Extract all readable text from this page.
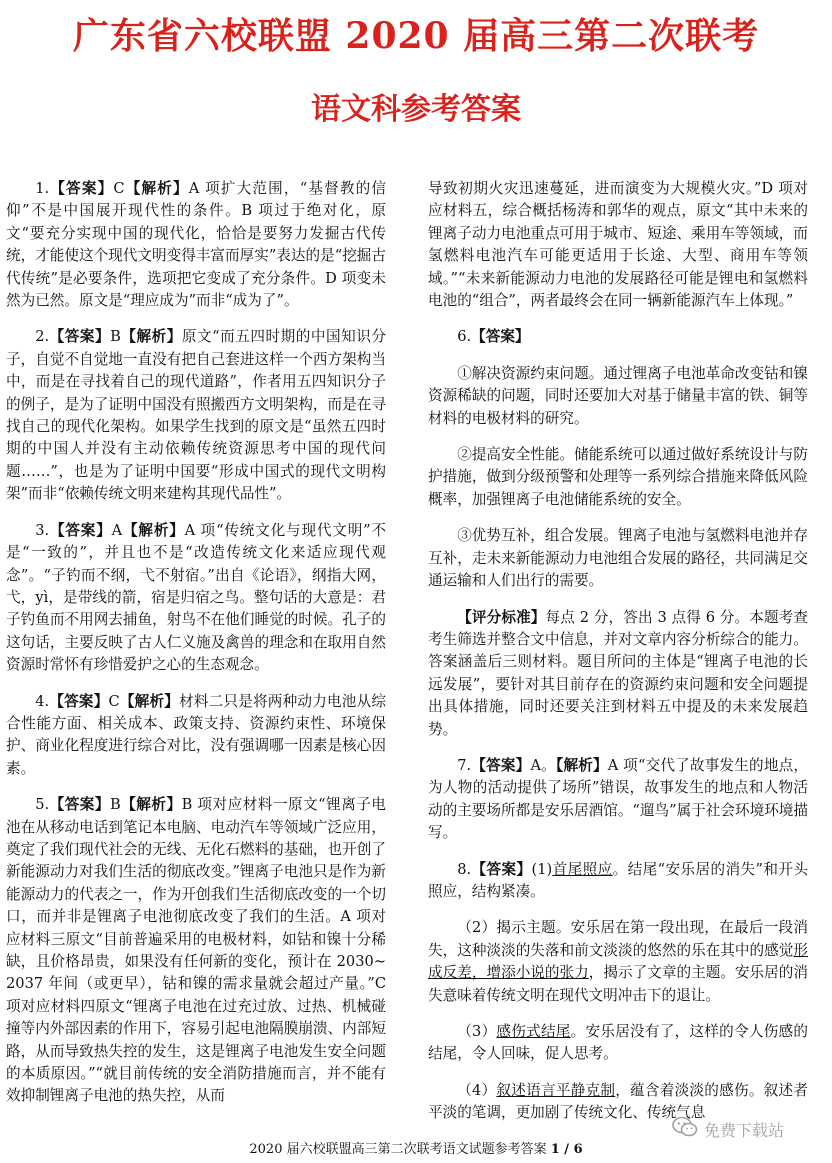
广东省六校联盟 2020 届高三第二次联考
语文科参考答案

1.【答案】C【解析】A 项扩大范围，“基督教的信仰”不是中国展开现代性的条件。B 项过于绝对化，原文“要充分实现中国的现代化，恰恰是要努力发掘古代传统，才能使这个现代文明变得丰富而厚实”表达的是“挖掘古代传统”是必要条件，选项把它变成了充分条件。D 项变未然为已然。原文是“理应成为”而非“成为了”。

2.【答案】B【解析】原文“而五四时期的中国知识分子，自觉不自觉地一直没有把自己套进这样一个西方架构当中，而是在寻找着自己的现代道路”，作者用五四知识分子的例子，是为了证明中国没有照搬西方文明架构，而是在寻找自己的现代化架构。如果学生找到的原文是“虽然五四时期的中国人并没有主动依赖传统资源思考中国的现代问题……”，也是为了证明中国要“形成中国式的现代文明构架”而非“依赖传统文明来建构其现代品性”。

3.【答案】A【解析】A 项“传统文化与现代文明”不是“一致的”，并且也不是“改造传统文化来适应现代观念”。“子钓而不纲，弋不射宿。”出自《论语》，纲指大网，弋，yì，是带线的箭，宿是归宿之鸟。整句话的大意是：君子钓鱼而不用网去捕鱼，射鸟不在他们睡觉的时候。孔子的这句话，主要反映了古人仁义施及禽兽的理念和在取用自然资源时常怀有珍惜爱护之心的生态观念。

4.【答案】C【解析】材料二只是将两种动力电池从综合性能方面、相关成本、政策支持、资源约束性、环境保护、商业化程度进行综合对比，没有强调哪一因素是核心因素。

5.【答案】B【解析】B 项对应材料一原文“锂离子电池在从移动电话到笔记本电脑、电动汽车等领域广泛应用，奠定了我们现代社会的无线、无化石燃料的基础，也开创了新能源动力对我们生活的彻底改变。”锂离子电池只是作为新能源动力的代表之一，作为开创我们生活彻底改变的一个切口，而并非是锂离子电池彻底改变了我们的生活。A 项对应材料三原文“目前普遍采用的电极材料，如钴和镍十分稀缺，且价格昂贵，如果没有任何新的变化，预计在 2030~2037 年间（或更早），钴和镍的需求量就会超过产量。”C 项对应材料四原文“锂离子电池在过充过放、过热、机械碰撞等内外部因素的作用下，容易引起电池隔膜崩溃、内部短路，从而导致热失控的发生，这是锂离子电池发生安全问题的本质原因。”“就目前传统的安全消防措施而言，并不能有效抑制锂离子电池的热失控，从而

导致初期火灾迅速蔓延，进而演变为大规模火灾。”D 项对应材料五，综合概括杨涛和郭华的观点，原文“其中未来的锂离子动力电池重点可用于城市、短途、乘用车等领域，而氢燃料电池汽车可能更适用于长途、大型、商用车等领域。”“未来新能源动力电池的发展路径可能是锂电和氢燃料电池的“组合”，两者最终会在同一辆新能源汽车上体现。”

6.【答案】

①解决资源约束问题。通过锂离子电池革命改变钴和镍资源稀缺的问题，同时还要加大对基于储量丰富的铁、铜等材料的电极材料的研究。

②提高安全性能。储能系统可以通过做好系统设计与防护措施，做到分级预警和处理等一系列综合措施来降低风险概率，加强锂离子电池储能系统的安全。

③优势互补，组合发展。锂离子电池与氢燃料电池并存互补，走未来新能源动力电池组合发展的路径，共同满足交通运输和人们出行的需要。

【评分标准】每点 2 分，答出 3 点得 6 分。本题考查考生筛选并整合文中信息，并对文章内容分析综合的能力。答案涵盖后三则材料。题目所问的主体是“锂离子电池的长远发展”，要针对其目前存在的资源约束问题和安全问题提出具体措施，同时还要关注到材料五中提及的未来发展趋势。

7.【答案】A。【解析】A 项“交代了故事发生的地点，为人物的活动提供了场所”错误，故事发生的地点和人物活动的主要场所都是安乐居酒馆。“遛鸟”属于社会环境环境描写。

8.【答案】(1)首尾照应。结尾“安乐居的消失”和开头照应，结构紧凑。

（2）揭示主题。安乐居在第一段出现，在最后一段消失，这种淡淡的失落和前文淡淡的悠然的乐在其中的感觉形成反差，增添小说的张力，揭示了文章的主题。安乐居的消失意味着传统文明在现代文明冲击下的退让。

（3）感伤式结尾。安乐居没有了，这样的令人伤感的结尾，令人回味，促人思考。

（4）叙述语言平静克制，蕴含着淡淡的感伤。叙述者平淡的笔调，更加剧了传统文化、传统气息

2020 届六校联盟高三第二次联考语文试题参考答案 1 / 6
免费下载站
